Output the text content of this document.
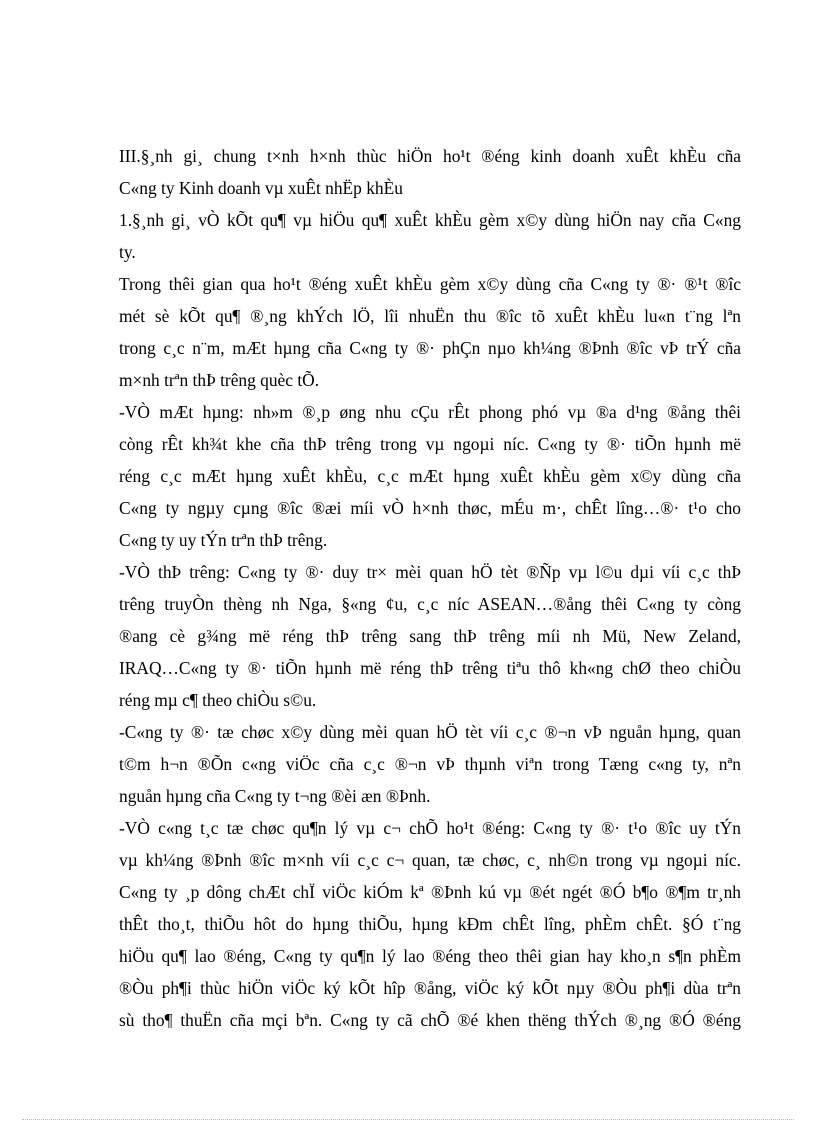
III.§¸nh gi¸ chung t×nh h×nh thùc hiÖn ho¹t ®éng kinh doanh xuÊt khÈu cña
C«ng ty Kinh doanh vµ xuÊt nhËp khÈu
1.§¸nh gi¸ vÒ kÕt qu¶ vµ hiÖu qu¶ xuÊt khÈu gèm x©y dùng hiÖn nay cña C«ng
ty.
Trong thêi gian qua ho¹t ®éng xuÊt khÈu gèm x©y dùng cña C«ng ty ®· ®¹t ®îc
mét sè kÕt qu¶ ®¸ng khÝch lÖ, lîi nhuËn thu ®îc tõ xuÊt khÈu lu«n t¨ng lªn
trong c¸c n¨m, mÆt hµng cña C«ng ty ®· phÇn nµo kh¼ng ®Þnh ®îc vÞ trÝ cña
m×nh trªn thÞ trêng quèc tÕ.
-VÒ mÆt hµng: nh»m ®¸p øng nhu cÇu rÊt phong phó vµ ®a d¹ng ®ång thêi
còng rÊt kh¾t khe cña thÞ trêng trong vµ ngoµi níc. C«ng ty ®· tiÕn hµnh më
réng c¸c mÆt hµng xuÊt khÈu, c¸c mÆt hµng xuÊt khÈu gèm x©y dùng cña
C«ng ty ngµy cµng ®îc ®æi míi vÒ h×nh thøc, mÉu m·, chÊt lîng…®· t¹o cho
C«ng ty uy tÝn trªn thÞ trêng.
-VÒ thÞ trêng: C«ng ty ®· duy tr× mèi quan hÖ tèt ®Ñp vµ l©u dµi víi c¸c thÞ
trêng truyÒn thèng nh Nga, §«ng ¢u, c¸c níc ASEAN…®ång thêi C«ng ty còng
®ang cè g¾ng më réng thÞ trêng sang thÞ trêng míi nh Mü, New Zeland,
IRAQ…C«ng ty ®· tiÕn hµnh më réng thÞ trêng tiªu thô kh«ng chØ theo chiÒu
réng mµ c¶ theo chiÒu s©u.
-C«ng ty ®· tæ chøc x©y dùng mèi quan hÖ tèt víi c¸c ®¬n vÞ nguån hµng, quan
t©m h¬n ®Õn c«ng viÖc cña c¸c ®¬n vÞ thµnh viªn trong Tæng c«ng ty, nªn
nguån hµng cña C«ng ty t¬ng ®èi æn ®Þnh.
-VÒ c«ng t¸c tæ chøc qu¶n lý vµ c¬ chÕ ho¹t ®éng: C«ng ty ®· t¹o ®îc uy tÝn
vµ kh¼ng ®Þnh ®îc m×nh víi c¸c c¬ quan, tæ chøc, c¸ nh©n trong vµ ngoµi níc.
C«ng ty ¸p dông chÆt chÏ viÖc kiÓm kª ®Þnh kú vµ ®ét ngét ®Ó b¶o ®¶m tr¸nh
thÊt tho¸t, thiÕu hôt do hµng thiÕu, hµng kÐm chÊt lîng, phÈm chÊt. §Ó t¨ng
hiÖu qu¶ lao ®éng, C«ng ty qu¶n lý lao ®éng theo thêi gian hay kho¸n s¶n phÈm
®Òu ph¶i thùc hiÖn viÖc ký kÕt hîp ®ång, viÖc ký kÕt nµy ®Òu ph¶i dùa trªn
sù tho¶ thuËn cña mçi bªn. C«ng ty cã chÕ ®é khen thëng thÝch ®¸ng ®Ó ®éng
